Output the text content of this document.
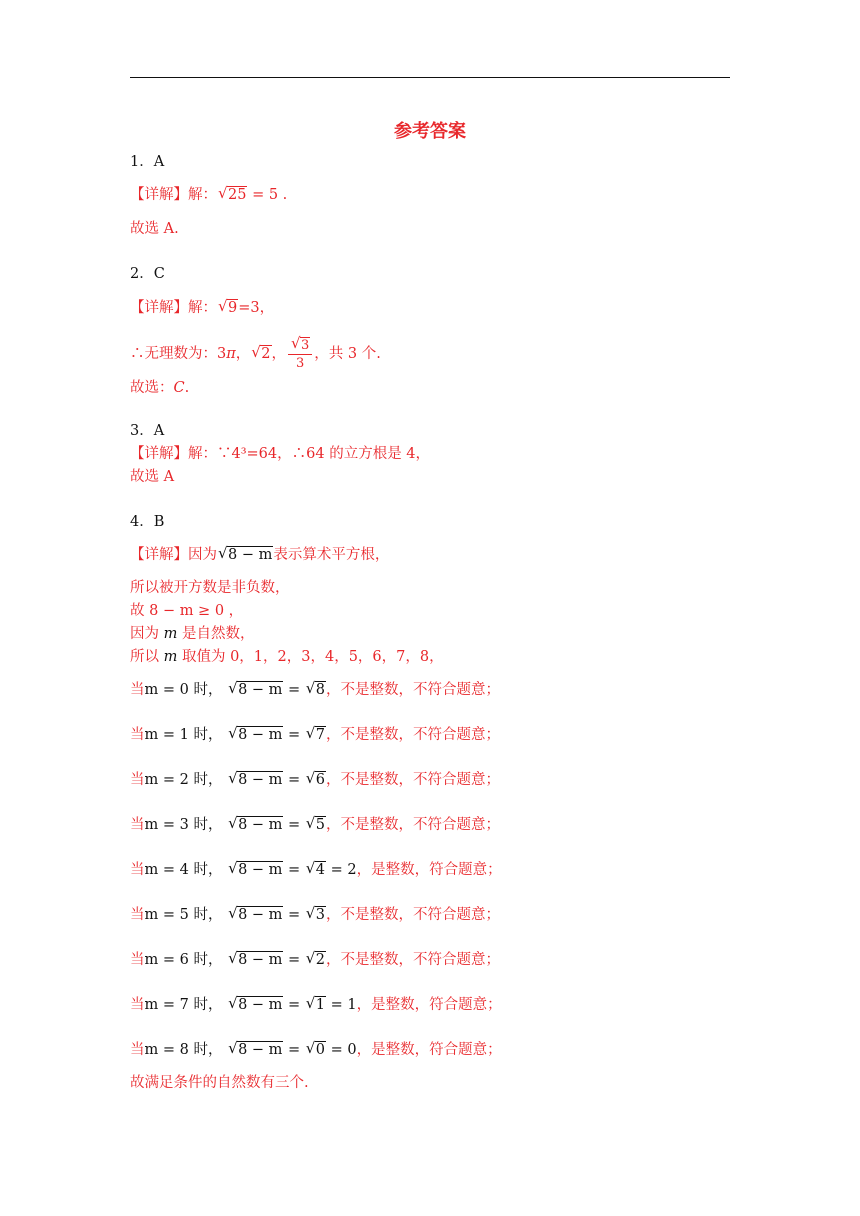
参考答案
1．A
【详解】解： √ 25 = 5 .
故选 A.
2．C
【详解】解： √ 9=3，
∴无理数为：3π， √ 2， √ $\frac{3}{3}$ ，共 3 个.
故选：C.
3．A
【详解】解：∵4³=64，∴64 的立方根是 4，
故选 A
4．B
【详解】因为 √ 8 − m表示算术平方根，
所以被开方数是非负数，
故 8 − m ≥ 0 ，
因为 m 是自然数，
所以 m 取值为 0，1，2，3，4，5，6，7，8，
当m = 0 时， √ 8 − m = √ 8，不是整数，不符合题意；
当m = 1 时， √ 8 − m = √ 7，不是整数，不符合题意；
当m = 2 时， √ 8 − m = √ 6，不是整数，不符合题意；
当m = 3 时， √ 8 − m = √ 5，不是整数，不符合题意；
当m = 4 时， √ 8 − m = √ 4 = 2，是整数，符合题意；
当m = 5 时， √ 8 − m = √ 3，不是整数，不符合题意；
当m = 6 时， √ 8 − m = √ 2，不是整数，不符合题意；
当m = 7 时， √ 8 − m = √ 1 = 1，是整数，符合题意；
当m = 8 时， √ 8 − m = √ 0 = 0，是整数，符合题意；
故满足条件的自然数有三个.
